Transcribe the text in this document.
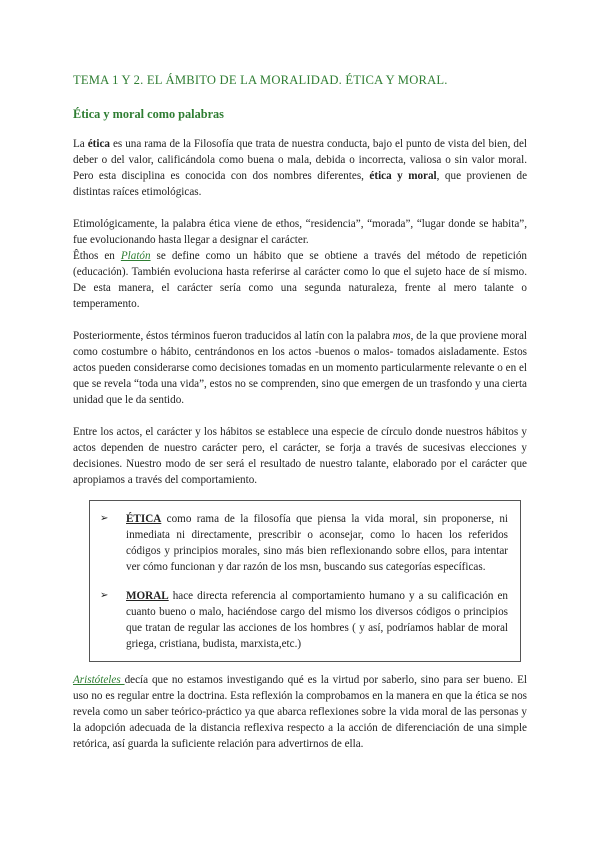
TEMA 1 Y 2. EL ÁMBITO DE LA MORALIDAD. ÉTICA Y MORAL.
Ética y moral como palabras

La ética es una rama de la Filosofía que trata de nuestra conducta, bajo el punto de vista del bien, del deber o del valor, calificándola como buena o mala, debida o incorrecta, valiosa o sin valor moral. Pero esta disciplina es conocida con dos nombres diferentes, ética y moral, que provienen de distintas raíces etimológicas.

Etimológicamente, la palabra ética viene de ethos, “residencia”, “morada”, “lugar donde se habita”, fue evolucionando hasta llegar a designar el carácter.

Êthos en Platón se define como un hábito que se obtiene a través del método de repetición (educación). También evoluciona hasta referirse al carácter como lo que el sujeto hace de sí mismo. De esta manera, el carácter sería como una segunda naturaleza, frente al mero talante o temperamento.

Posteriormente, éstos términos fueron traducidos al latín con la palabra mos, de la que proviene moral como costumbre o hábito, centrándonos en los actos -buenos o malos- tomados aisladamente. Estos actos pueden considerarse como decisiones tomadas en un momento particularmente relevante o en el que se revela “toda una vida”, estos no se comprenden, sino que emergen de un trasfondo y una cierta unidad que le da sentido.

Entre los actos, el carácter y los hábitos se establece una especie de círculo donde nuestros hábitos y actos dependen de nuestro carácter pero, el carácter, se forja a través de sucesivas elecciones y decisiones. Nuestro modo de ser será el resultado de nuestro talante, elaborado por el carácter que apropiamos a través del comportamiento.

➢	ÉTICA como rama de la filosofía que piensa la vida moral, sin proponerse, ni inmediata ni directamente, prescribir o aconsejar, como lo hacen los referidos códigos y principios morales, sino más bien reflexionando sobre ellos, para intentar ver cómo funcionan y dar razón de los msn, buscando sus categorías específicas.

➢	MORAL hace directa referencia al comportamiento humano y a su calificación en cuanto bueno o malo, haciéndose cargo del mismo los diversos códigos o principios que tratan de regular las acciones de los hombres ( y así, podríamos hablar de moral griega, cristiana, budista, marxista,etc.)

Aristóteles decía que no estamos investigando qué es la virtud por saberlo, sino para ser bueno. El uso no es regular entre la doctrina. Esta reflexión la comprobamos en la manera en que la ética se nos revela como un saber teórico-práctico ya que abarca reflexiones sobre la vida moral de las personas y la adopción adecuada de la distancia reflexiva respecto a la acción de diferenciación de una simple retórica, así guarda la suficiente relación para advertirnos de ella.
